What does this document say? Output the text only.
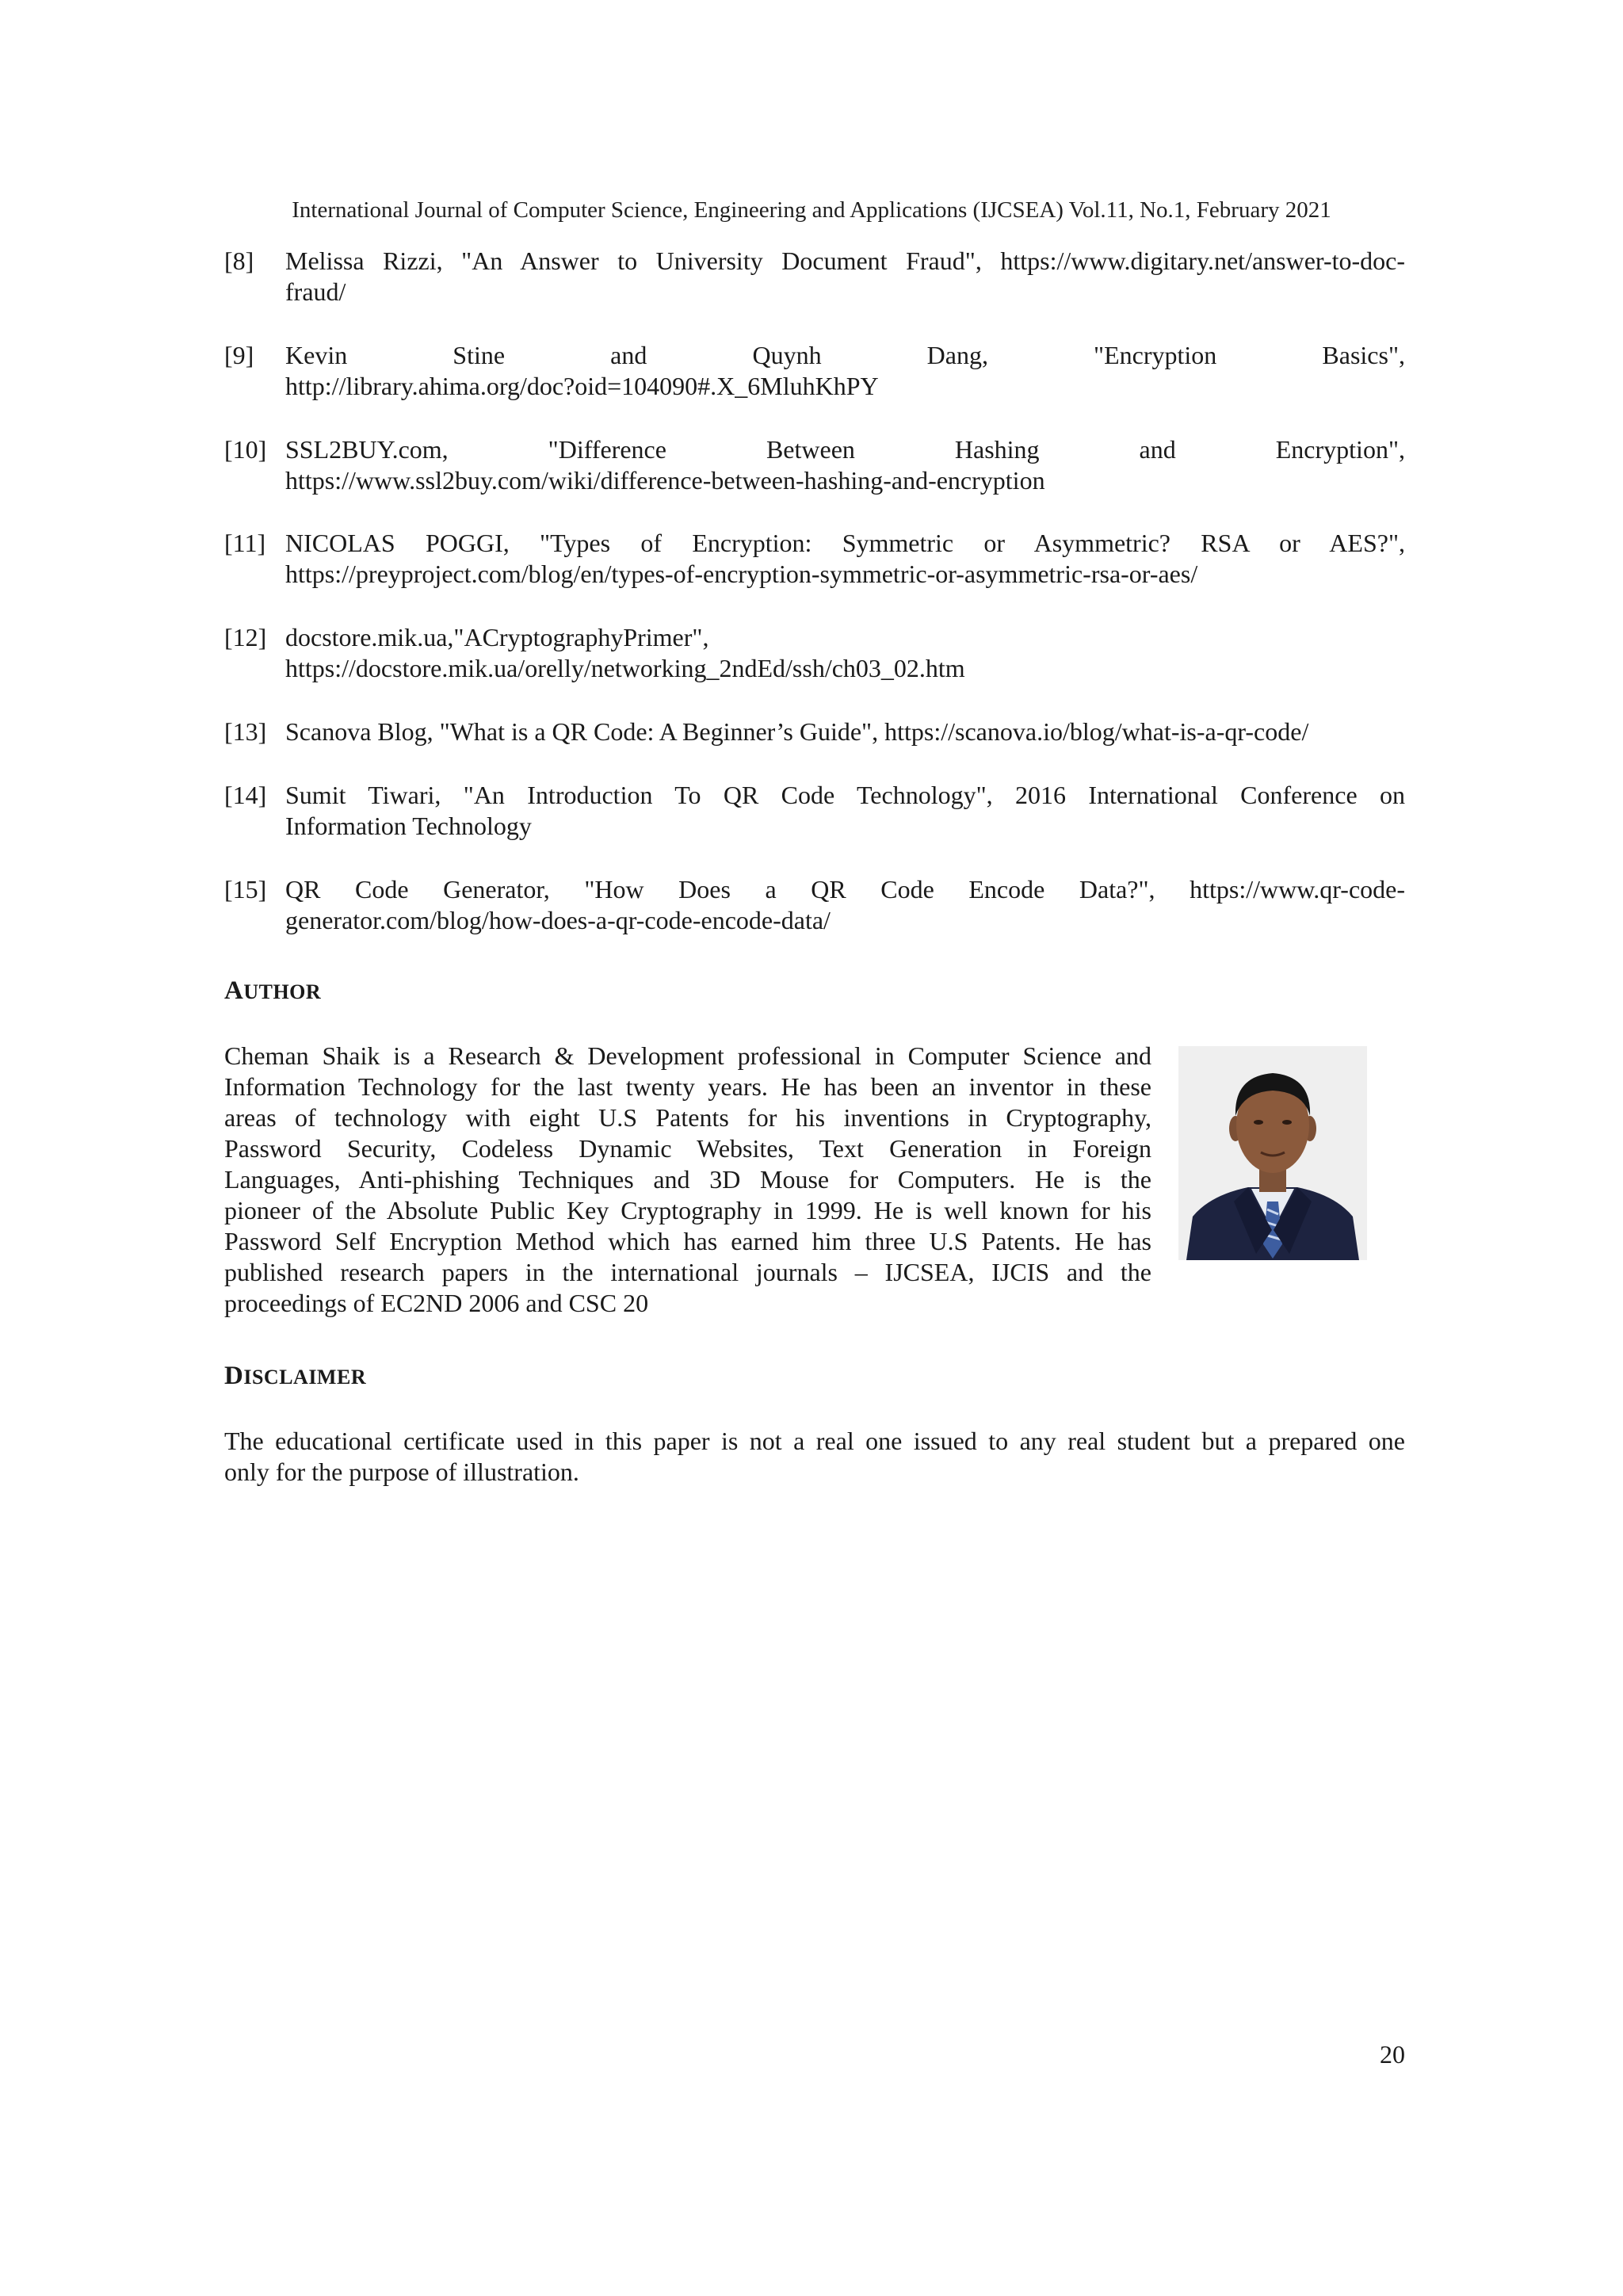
International Journal of Computer Science, Engineering and Applications (IJCSEA) Vol.11, No.1, February 2021
[8]	Melissa Rizzi, "An Answer to University Document Fraud", https://www.digitary.net/answer-to-doc-
fraud/
[9]	Kevin Stine and Quynh Dang, "Encryption Basics",
http://library.ahima.org/doc?oid=104090#.X_6MluhKhPY
[10] SSL2BUY.com, "Difference Between Hashing and Encryption",
https://www.ssl2buy.com/wiki/difference-between-hashing-and-encryption
[11] NICOLAS POGGI, "Types of Encryption: Symmetric or Asymmetric? RSA or AES?",
https://preyproject.com/blog/en/types-of-encryption-symmetric-or-asymmetric-rsa-or-aes/
[12] docstore.mik.ua,"ACryptographyPrimer",
https://docstore.mik.ua/orelly/networking_2ndEd/ssh/ch03_02.htm
[13] Scanova Blog, "What is a QR Code: A Beginner’s Guide", https://scanova.io/blog/what-is-a-qr-code/
[14] Sumit Tiwari, "An Introduction To QR Code Technology", 2016 International Conference on
Information Technology
[15] QR Code Generator, "How Does a QR Code Encode Data?", https://www.qr-code-
generator.com/blog/how-does-a-qr-code-encode-data/
AUTHOR
Cheman Shaik is a Research & Development professional in Computer Science and
Information Technology for the last twenty years. He has been an inventor in these
areas of technology with eight U.S Patents for his inventions in Cryptography,
Password Security, Codeless Dynamic Websites, Text Generation in Foreign
Languages, Anti-phishing Techniques and 3D Mouse for Computers. He is the
pioneer of the Absolute Public Key Cryptography in 1999. He is well known for his
Password Self Encryption Method which has earned him three U.S Patents. He has
published research papers in the international journals – IJCSEA, IJCIS and the
proceedings of EC2ND 2006 and CSC 20
DISCLAIMER
The educational certificate used in this paper is not a real one issued to any real student but a prepared one
only for the purpose of illustration.
20
